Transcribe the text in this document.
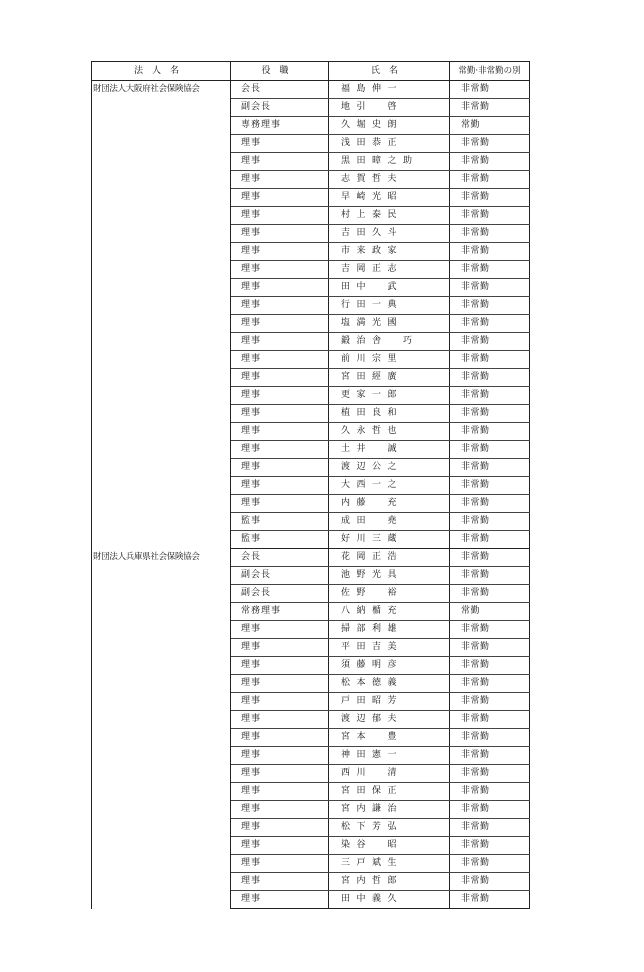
法人名	役職	氏名	常勤·非常勤の別
財団法人大阪府社会保険協会	会長	福島伸一	非常勤
	副会長	地引　啓	非常勤
	専務理事	久堀史朗	常勤
	理事	浅田恭正	非常勤
	理事	黒田暲之助	非常勤
	理事	志賀哲夫	非常勤
	理事	早崎光昭	非常勤
	理事	村上泰民	非常勤
	理事	吉田久斗	非常勤
	理事	市来政家	非常勤
	理事	吉岡正志	非常勤
	理事	田中　武	非常勤
	理事	行田一典	非常勤
	理事	塩満光國	非常勤
	理事	鍛治舎　巧	非常勤
	理事	前川宗里	非常勤
	理事	宮田經廣	非常勤
	理事	更家一郎	非常勤
	理事	植田良和	非常勤
	理事	久永哲也	非常勤
	理事	土井　誠	非常勤
	理事	渡辺公之	非常勤
	理事	大西一之	非常勤
	理事	内藤　充	非常勤
	監事	成田　堯	非常勤
	監事	好川三蔵	非常勤
財団法人兵庫県社会保険協会	会長	花岡正浩	非常勤
	副会長	池野光具	非常勤
	副会長	佐野　裕	非常勤
	常務理事	八納楯充	常勤
	理事	掃部利雄	非常勤
	理事	平田吉美	非常勤
	理事	須藤明彦	非常勤
	理事	松本徳義	非常勤
	理事	戸田昭芳	非常勤
	理事	渡辺郁夫	非常勤
	理事	宮本　豊	非常勤
	理事	神田憲一	非常勤
	理事	西川　清	非常勤
	理事	宮田保正	非常勤
	理事	宮内謙治	非常勤
	理事	松下芳弘	非常勤
	理事	染谷　昭	非常勤
	理事	三戸斌生	非常勤
	理事	宮内哲郎	非常勤
	理事	田中義久	非常勤
